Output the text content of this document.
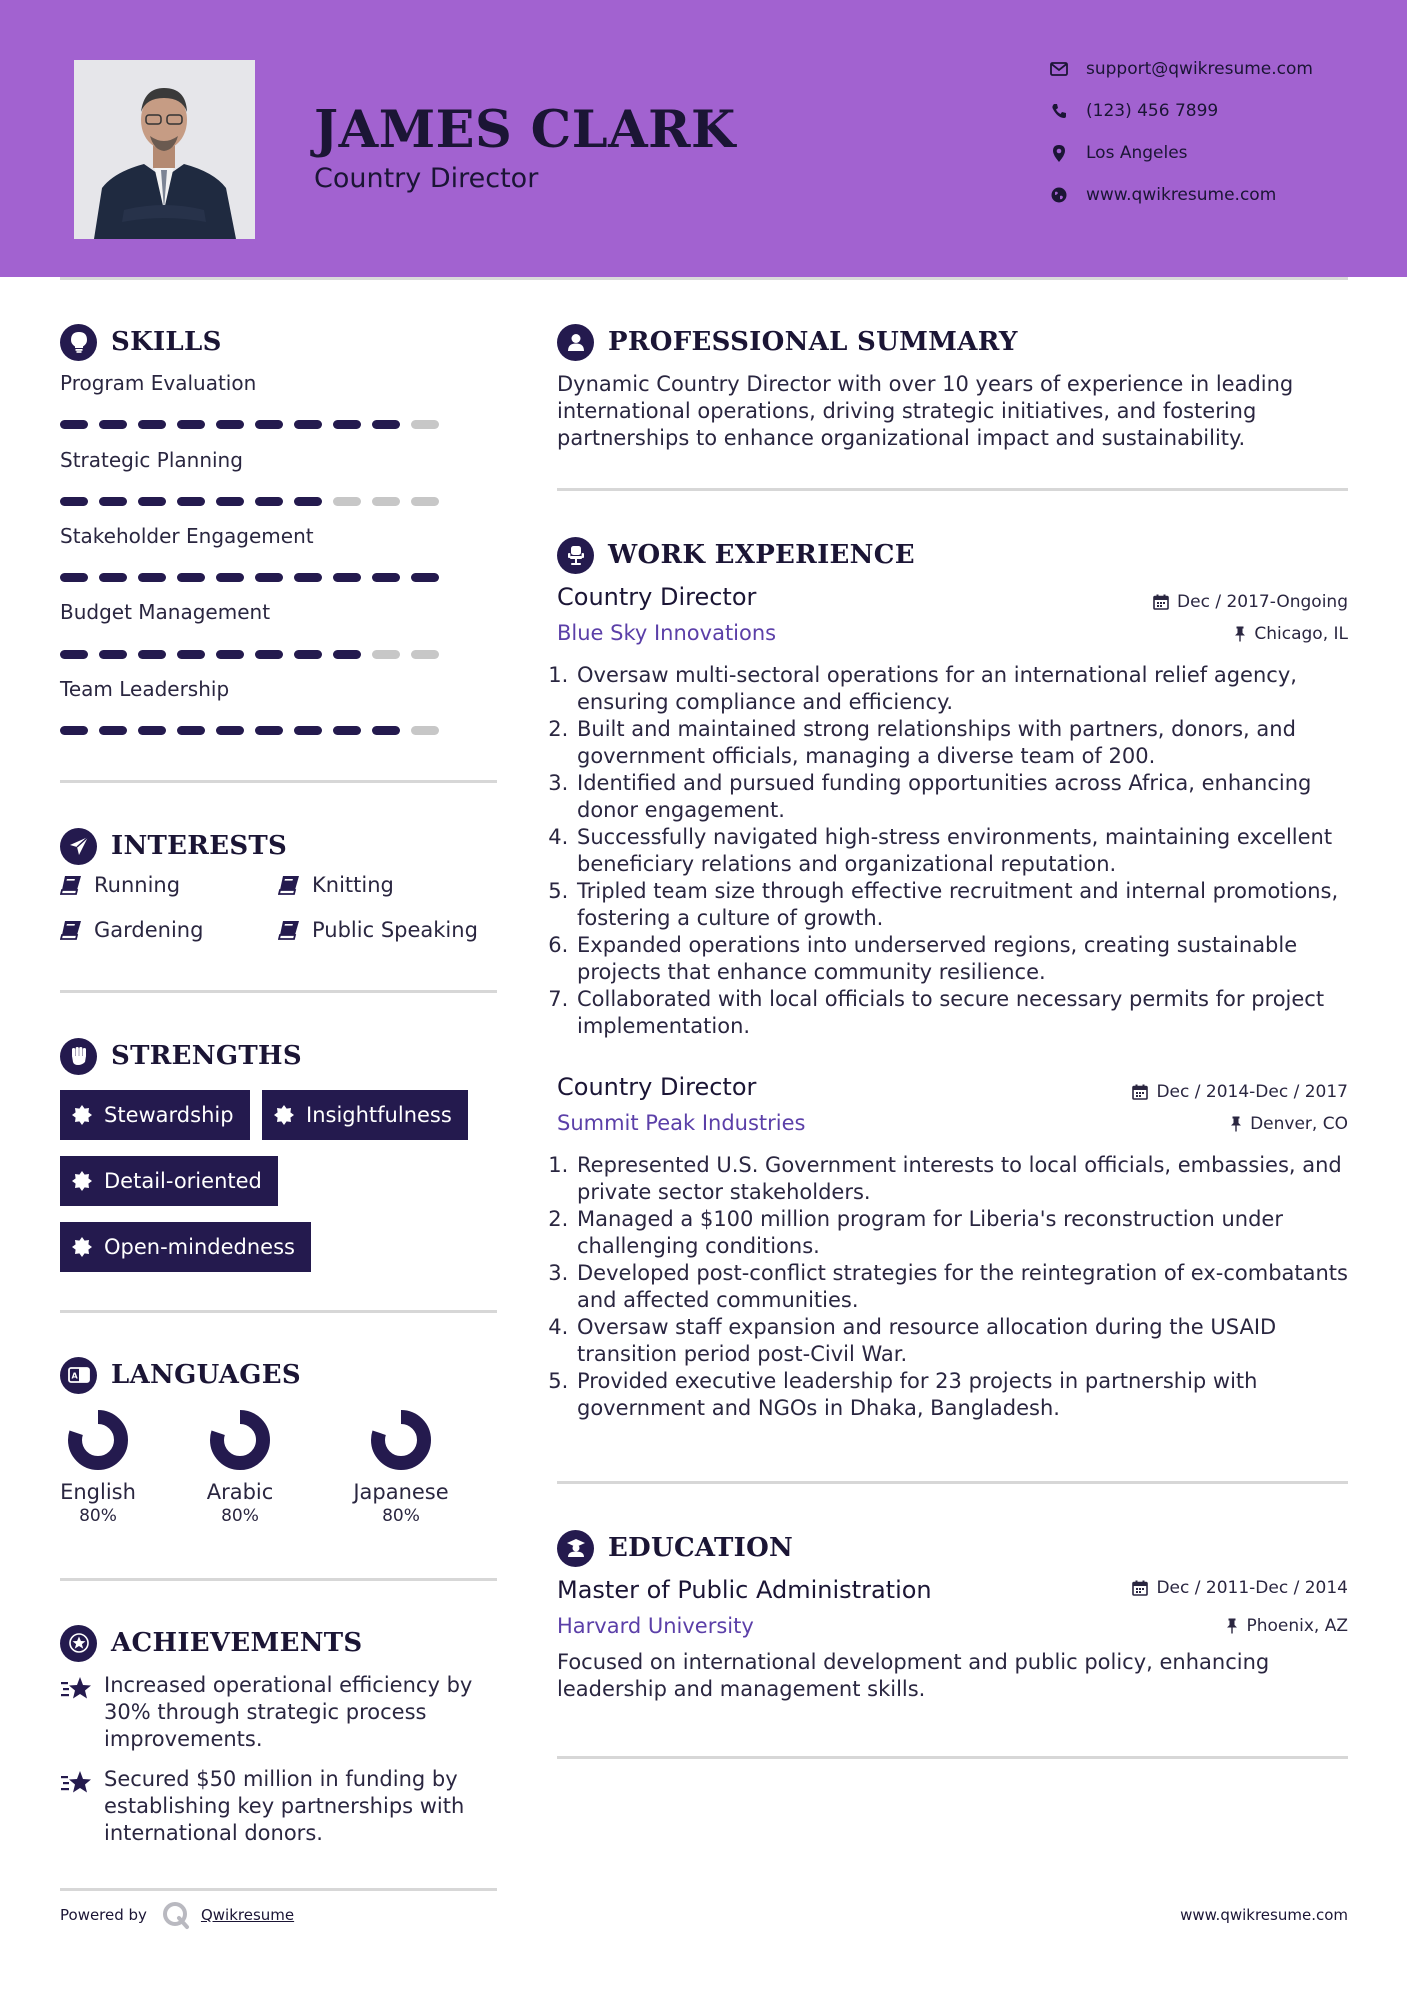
JAMES CLARK
Country Director
support@qwikresume.com
(123) 456 7899
Los Angeles
www.qwikresume.com
SKILLS
Program Evaluation
Strategic Planning
Stakeholder Engagement
Budget Management
Team Leadership
INTERESTS
Running	Knitting
Gardening	Public Speaking
STRENGTHS
Stewardship	Insightfulness
Detail-oriented
Open-mindedness
A LANGUAGES
English
80%
Arabic
80%
Japanese
80%
ACHIEVEMENTS

Increased operational efficiency by 30% through strategic process improvements.

Secured $50 million in funding by establishing key partnerships with international donors.

PROFESSIONAL SUMMARY
Dynamic Country Director with over 10 years of experience in leading international operations, driving strategic initiatives, and fostering partnerships to enhance organizational impact and sustainability.
WORK EXPERIENCE
Country Director	Dec / 2017-Ongoing
Blue Sky Innovations	Chicago, IL
1. Oversaw multi-sectoral operations for an international relief agency, ensuring compliance and efficiency.
2. Built and maintained strong relationships with partners, donors, and government officials, managing a diverse team of 200.
3. Identified and pursued funding opportunities across Africa, enhancing donor engagement.
4. Successfully navigated high-stress environments, maintaining excellent beneficiary relations and organizational reputation.
5. Tripled team size through effective recruitment and internal promotions, fostering a culture of growth.
6. Expanded operations into underserved regions, creating sustainable projects that enhance community resilience.
7. Collaborated with local officials to secure necessary permits for project implementation.
Country Director	Dec / 2014-Dec / 2017
Summit Peak Industries	Denver, CO
1. Represented U.S. Government interests to local officials, embassies, and private sector stakeholders.
2. Managed a $100 million program for Liberia's reconstruction under challenging conditions.
3. Developed post-conflict strategies for the reintegration of ex-combatants and affected communities.
4. Oversaw staff expansion and resource allocation during the USAID transition period post-Civil War.
5. Provided executive leadership for 23 projects in partnership with government and NGOs in Dhaka, Bangladesh.
EDUCATION
Master of Public Administration	Dec / 2011-Dec / 2014
Harvard University	Phoenix, AZ
Focused on international development and public policy, enhancing leadership and management skills.
Powered by	Qwikresume	www.qwikresume.com
